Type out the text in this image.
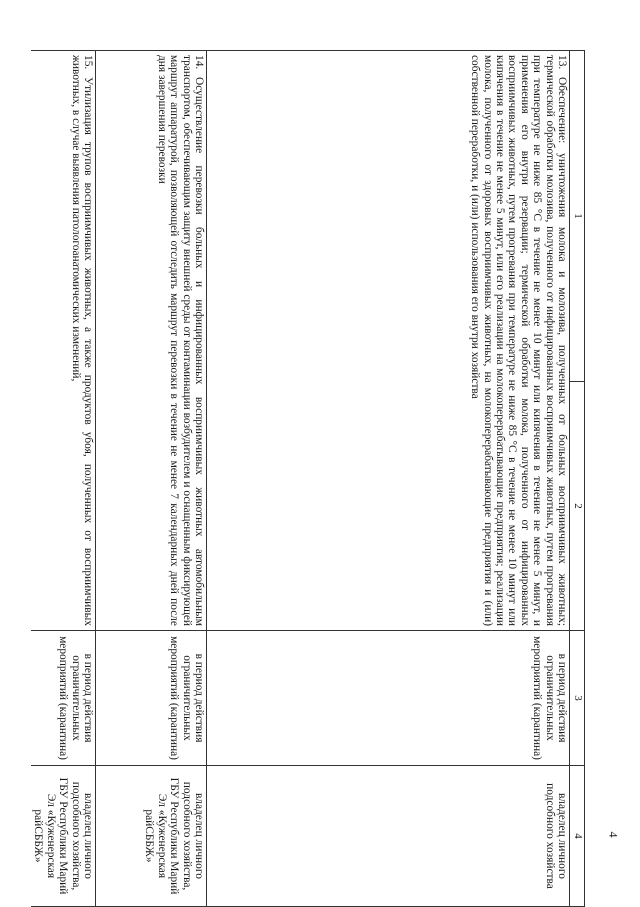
4
1	2	3	4
13.Обеспечение: уничтожения молока и молозива, полученных от больных восприимчивых животных; термической обработки молозива, полученного от инфицированных восприимчивых животных, путем прогревания при температуре не ниже 85 °С в течение не менее 10 минут или кипячения в течение не менее 5 минут, и применения его внутри резервации; термической обработки молока, полученного от инфицированных восприимчивых животных, путем прогревания при температуре не ниже 85 °С в течение не менее 10 минут или кипячения в течение не менее 5 минут, или его реализации на молокоперерабатывающие предприятия; реализации молока, полученного от здоровых восприимчивых животных, на молокоперерабатывающие предприятия и (или) собственной переработки, и (или) использования его внутри хозяйства		в период действия ограничительных мероприятий (карантина)	владелец личного подсобного хозяйства
14.Осуществление перевозки больных и инфицированных восприимчивых животных автомобильным транспортом, обеспечивающим защиту внешней среды от контаминации возбудителем и оснащенным фиксирующей маршрут аппаратурой, позволяющей отследить маршрут перевозки в течение не менее 7 календарных дней после дня завершения перевозки		в период действия ограничительных мероприятий (карантина)	владелец личного подсобного хозяйства, ГБУ Республики Марий Эл «Куженерская райСББЖ»
15.Утилизация трупов восприимчивых животных, а также продуктов убоя, полученных от восприимчивых животных, в случае выявления патологоанатомических изменений,		в период действия ограничительных мероприятий (карантина)	владелец личного подсобного хозяйства, ГБУ Республики Марий Эл «Куженерская райСББЖ»
